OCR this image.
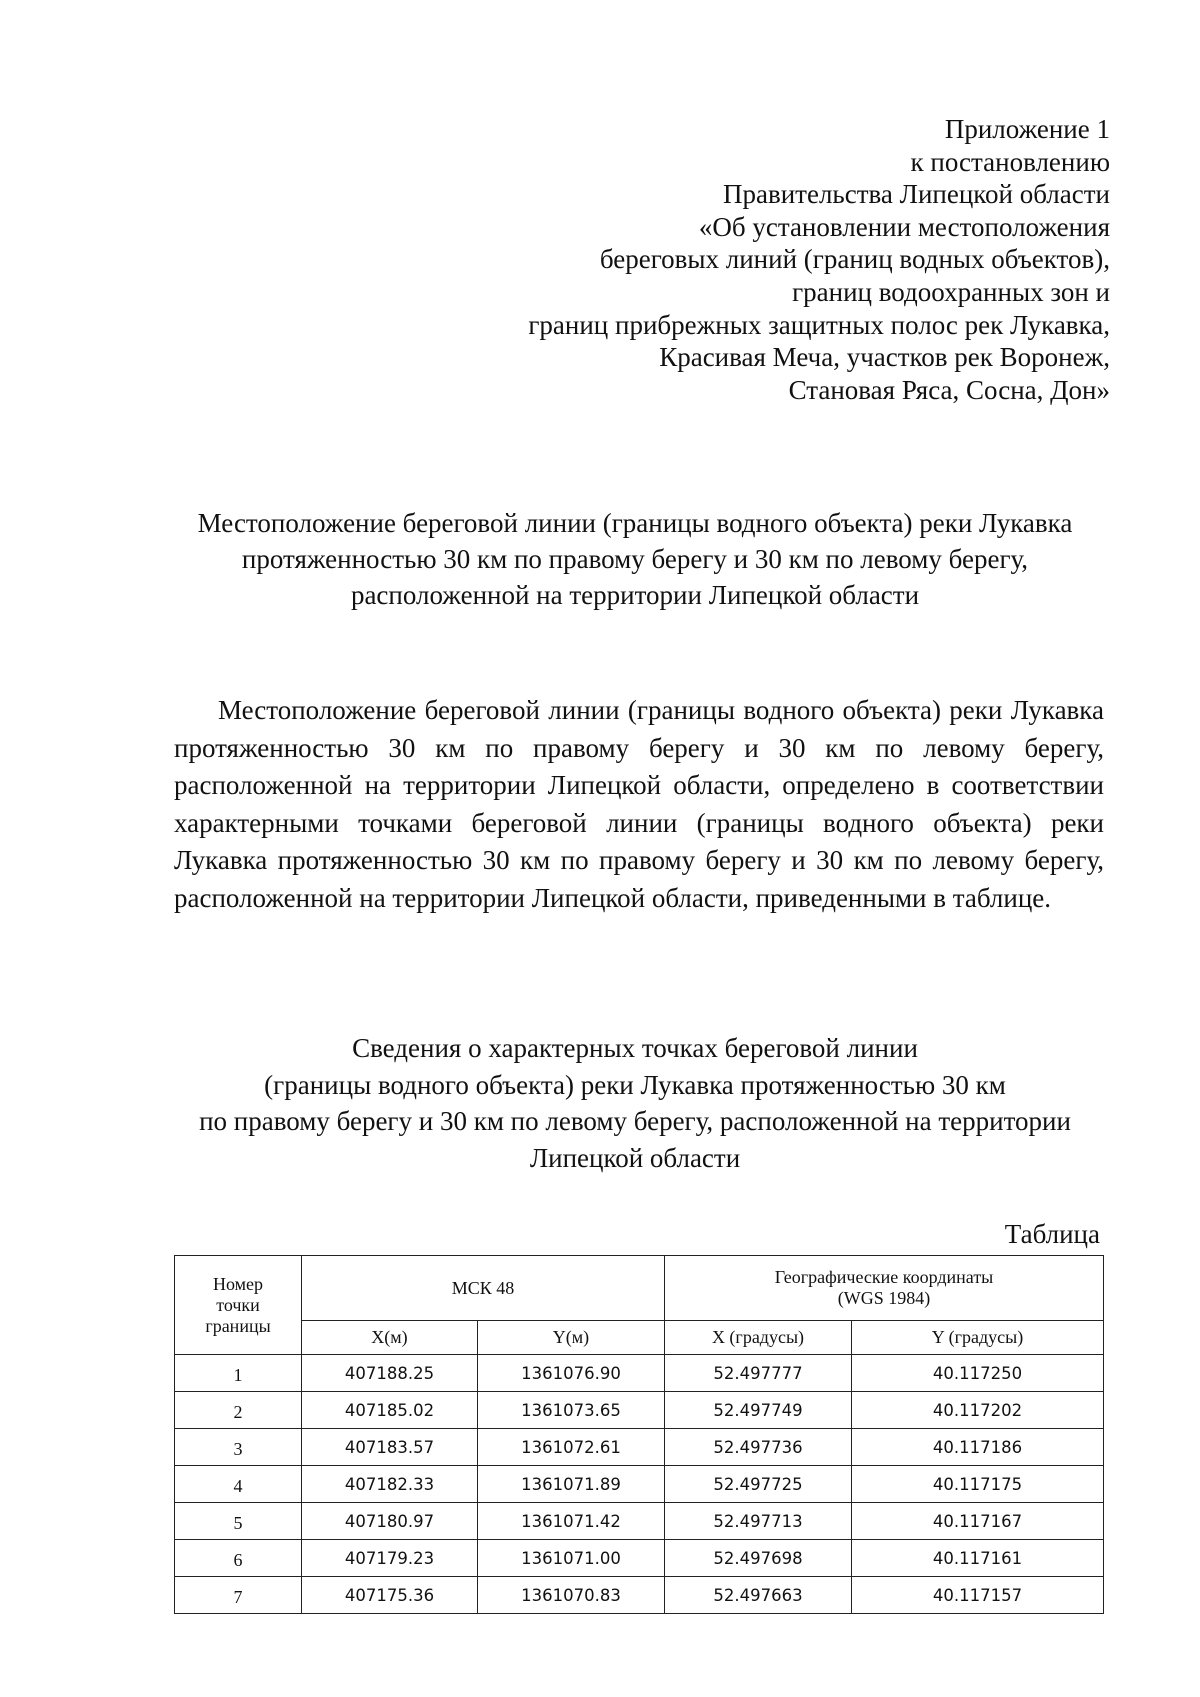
Приложение 1
к постановлению
Правительства Липецкой области
«Об установлении местоположения
береговых линий (границ водных объектов),
границ водоохранных зон и
границ прибрежных защитных полос рек Лукавка,
Красивая Меча, участков рек Воронеж,
Становая Ряса, Сосна, Дон»
Местоположение береговой линии (границы водного объекта) реки Лукавка
протяженностью 30 км по правому берегу и 30 км по левому берегу,
расположенной на территории Липецкой области
Местоположение береговой линии (границы водного объекта) реки Лукавка протяженностью 30 км по правому берегу и 30 км по левому берегу, расположенной на территории Липецкой области, определено в соответствии характерными точками береговой линии (границы водного объекта) реки Лукавка протяженностью 30 км по правому берегу и 30 км по левому берегу, расположенной на территории Липецкой области, приведенными в таблице.
Сведения о характерных точках береговой линии
(границы водного объекта) реки Лукавка протяженностью 30 км
по правому берегу и 30 км по левому берегу, расположенной на территории
Липецкой области
Таблица
Номер точки границы	МСК 48		Географические координаты
(WGS 1984)	

	X(м)	Y(м)	X (градусы)	Y (градусы)
1	407188.25	1361076.90	52.497777	40.117250
2	407185.02	1361073.65	52.497749	40.117202
3	407183.57	1361072.61	52.497736	40.117186
4	407182.33	1361071.89	52.497725	40.117175
5	407180.97	1361071.42	52.497713	40.117167
6	407179.23	1361071.00	52.497698	40.117161
7	407175.36	1361070.83	52.497663	40.117157
